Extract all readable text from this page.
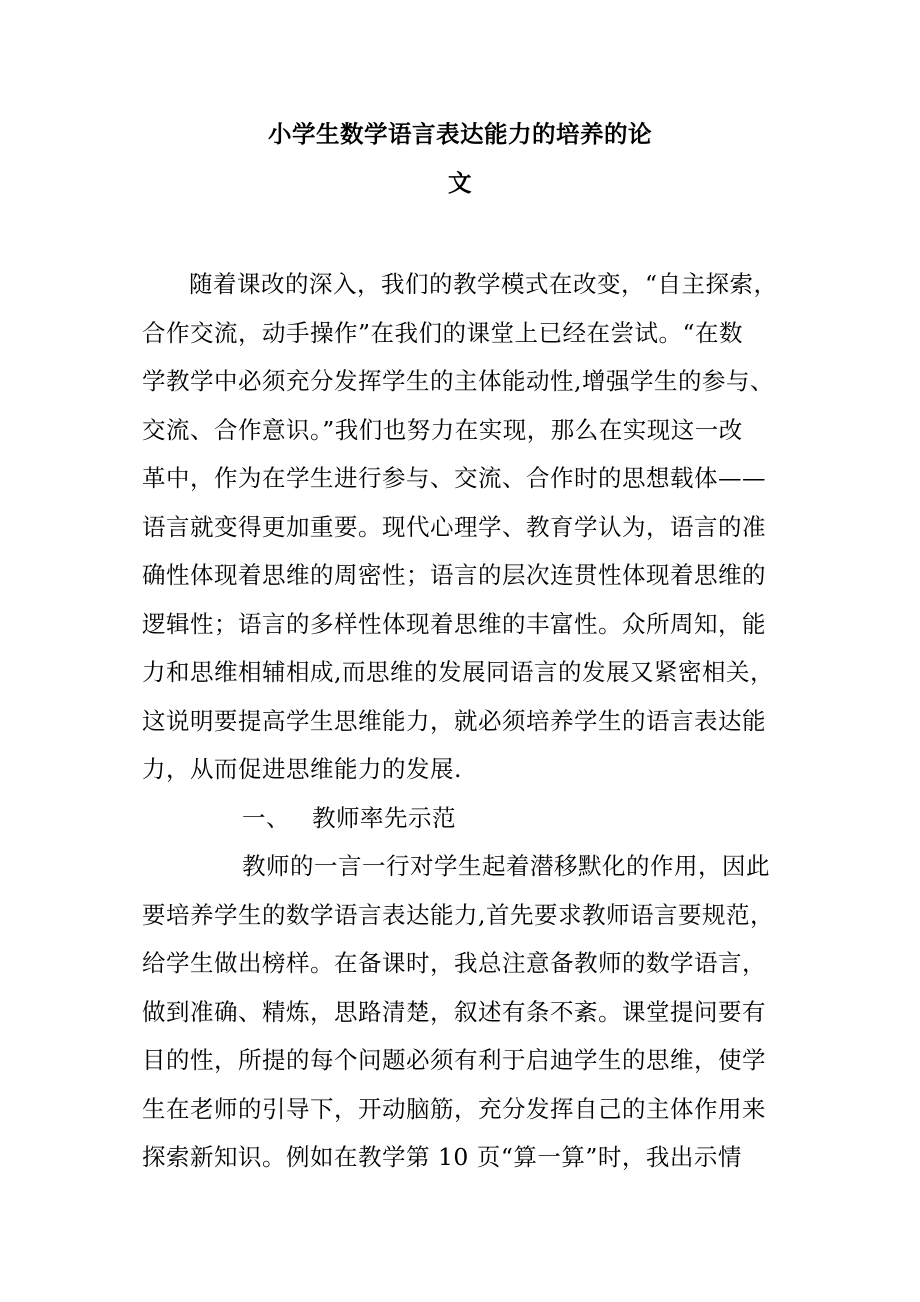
小学生数学语言表达能力的培养的论
文
随着课改的深入，我们的教学模式在改变，“自主探索，
合作交流，动手操作”在我们的课堂上已经在尝试。“在数
学教学中必须充分发挥学生的主体能动性,增强学生的参与、
交流、合作意识。”我们也努力在实现，那么在实现这一改
革中，作为在学生进行参与、交流、合作时的思想载体——
语言就变得更加重要。现代心理学、教育学认为，语言的准
确性体现着思维的周密性；语言的层次连贯性体现着思维的
逻辑性；语言的多样性体现着思维的丰富性。众所周知，能
力和思维相辅相成,而思维的发展同语言的发展又紧密相关，
这说明要提高学生思维能力，就必须培养学生的语言表达能
力，从而促进思维能力的发展.
一、 教师率先示范
教师的一言一行对学生起着潜移默化的作用，因此
要培养学生的数学语言表达能力,首先要求教师语言要规范，
给学生做出榜样。在备课时，我总注意备教师的数学语言，
做到准确、精炼，思路清楚，叙述有条不紊。课堂提问要有
目的性，所提的每个问题必须有利于启迪学生的思维，使学
生在老师的引导下，开动脑筋，充分发挥自己的主体作用来
探索新知识。例如在教学第 10 页“算一算”时，我出示情
